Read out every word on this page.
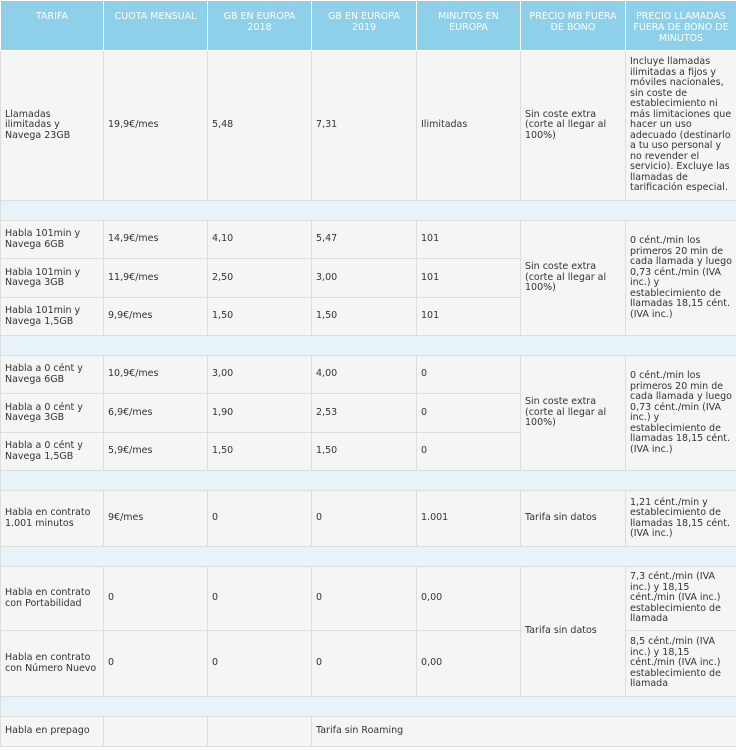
TARIFA	CUOTA MENSUAL	GB EN EUROPA 2018	GB EN EUROPA 2019	MINUTOS EN EUROPA	PRECIO MB FUERA DE BONO	PRECIO LLAMADAS FUERA DE BONO DE MINUTOS
Llamadas ilimitadas y Navega 23GB	19,9€/mes	5,48	7,31	Ilimitadas	Sin coste extra (corte al llegar al 100%)	Incluye llamadas ilimitadas a fijos y móviles nacionales, sin coste de establecimiento ni más limitaciones que hacer un uso adecuado (destinarlo a tu uso personal y no revender el servicio). Excluye las llamadas de tarificación especial.

Habla 101min y Navega 6GB	14,9€/mes	4,10	5,47	101	Sin coste extra (corte al llegar al 100%)	0 cént./min los primeros 20 min de cada llamada y luego 0,73 cént./min (IVA inc.) y establecimiento de llamadas 18,15 cént. (IVA inc.)
Habla 101min y Navega 3GB	11,9€/mes	2,50	3,00	101		
Habla 101min y Navega 1,5GB	9,9€/mes	1,50	1,50	101		

Habla a 0 cént y Navega 6GB	10,9€/mes	3,00	4,00	0	Sin coste extra (corte al llegar al 100%)	0 cént./min los primeros 20 min de cada llamada y luego 0,73 cént./min (IVA inc.) y establecimiento de llamadas 18,15 cént. (IVA inc.)
Habla a 0 cént y Navega 3GB	6,9€/mes	1,90	2,53	0		
Habla a 0 cént y Navega 1,5GB	5,9€/mes	1,50	1,50	0		

Habla en contrato 1.001 minutos	9€/mes	0	0	1.001	Tarifa sin datos	1,21 cént./min y establecimiento de llamadas 18,15 cént. (IVA inc.)

Habla en contrato con Portabilidad	0	0	0	0,00	Tarifa sin datos	7,3 cént./min (IVA inc.) y 18,15 cént./min (IVA inc.) establecimiento de llamada
Habla en contrato con Número Nuevo	0	0	0	0,00		8,5 cént./min (IVA inc.) y 18,15 cént./min (IVA inc.) establecimiento de llamada

Habla en prepago			Tarifa sin Roaming			
